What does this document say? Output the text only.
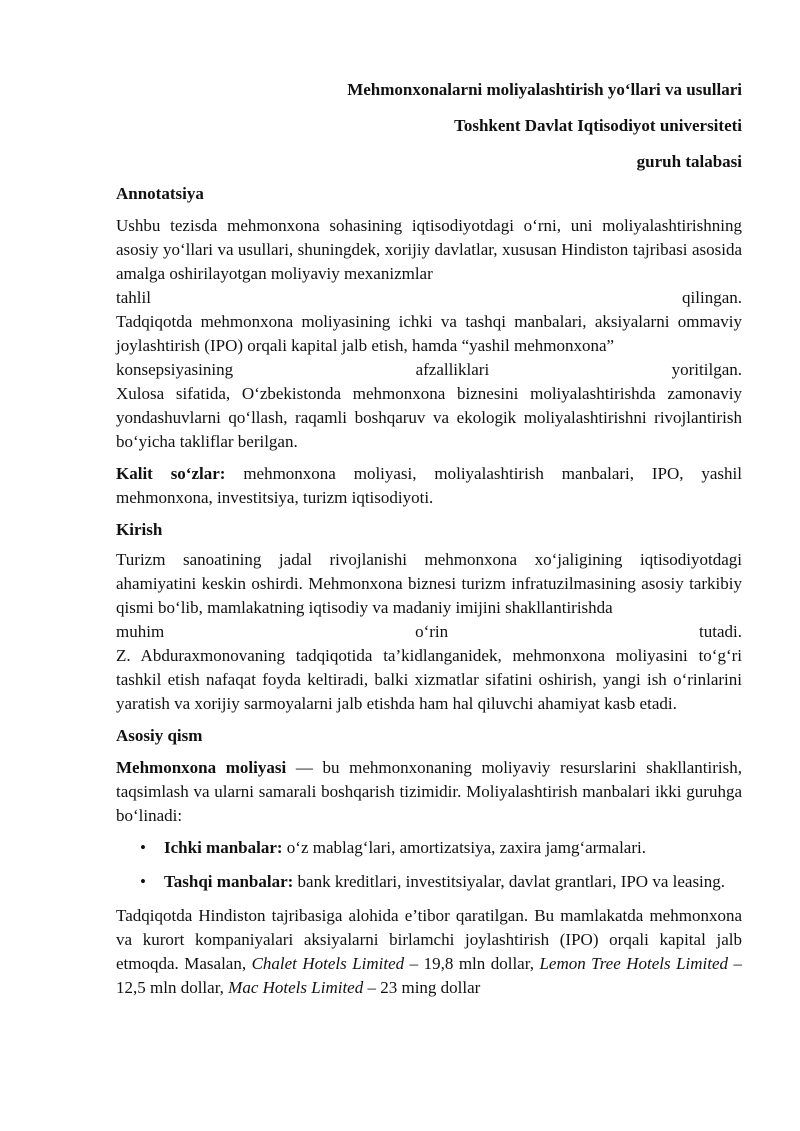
Mehmonxonalarni moliyalashtirish yo‘llari va usullari

Toshkent Davlat Iqtisodiyot universiteti

guruh talabasi

Annotatsiya

Ushbu tezisda mehmonxona sohasining iqtisodiyotdagi o‘rni, uni moliyalashtirishning asosiy yo‘llari va usullari, shuningdek, xorijiy davlatlar, xususan Hindiston tajribasi asosida amalga oshirilayotgan moliyaviy mexanizmlar

tahlil qilingan.

Tadqiqotda mehmonxona moliyasining ichki va tashqi manbalari, aksiyalarni ommaviy joylashtirish (IPO) orqali kapital jalb etish, hamda “yashil mehmonxona”

konsepsiyasining afzalliklari yoritilgan.

Xulosa sifatida, O‘zbekistonda mehmonxona biznesini moliyalashtirishda zamonaviy yondashuvlarni qo‘llash, raqamli boshqaruv va ekologik moliyalashtirishni rivojlantirish bo‘yicha takliflar berilgan.

Kalit so‘zlar: mehmonxona moliyasi, moliyalashtirish manbalari, IPO, yashil mehmonxona, investitsiya, turizm iqtisodiyoti.

Kirish

Turizm sanoatining jadal rivojlanishi mehmonxona xo‘jaligining iqtisodiyotdagi ahamiyatini keskin oshirdi. Mehmonxona biznesi turizm infratuzilmasining asosiy tarkibiy qismi bo‘lib, mamlakatning iqtisodiy va madaniy imijini shakllantirishda

muhim o‘rin tutadi.

Z. Abduraxmonovaning tadqiqotida ta’kidlanganidek, mehmonxona moliyasini to‘g‘ri tashkil etish nafaqat foyda keltiradi, balki xizmatlar sifatini oshirish, yangi ish o‘rinlarini yaratish va xorijiy sarmoyalarni jalb etishda ham hal qiluvchi ahamiyat kasb etadi.

Asosiy qism

Mehmonxona moliyasi — bu mehmonxonaning moliyaviy resurslarini shakllantirish, taqsimlash va ularni samarali boshqarish tizimidir. Moliyalashtirish manbalari ikki guruhga bo‘linadi:

• Ichki manbalar: o‘z mablag‘lari, amortizatsiya, zaxira jamg‘armalari.
• Tashqi manbalar: bank kreditlari, investitsiyalar, davlat grantlari, IPO va leasing.

Tadqiqotda Hindiston tajribasiga alohida e’tibor qaratilgan. Bu mamlakatda mehmonxona va kurort kompaniyalari aksiyalarni birlamchi joylashtirish (IPO) orqali kapital jalb etmoqda. Masalan, Chalet Hotels Limited – 19,8 mln dollar, Lemon Tree Hotels Limited – 12,5 mln dollar, Mac Hotels Limited – 23 ming dollar
